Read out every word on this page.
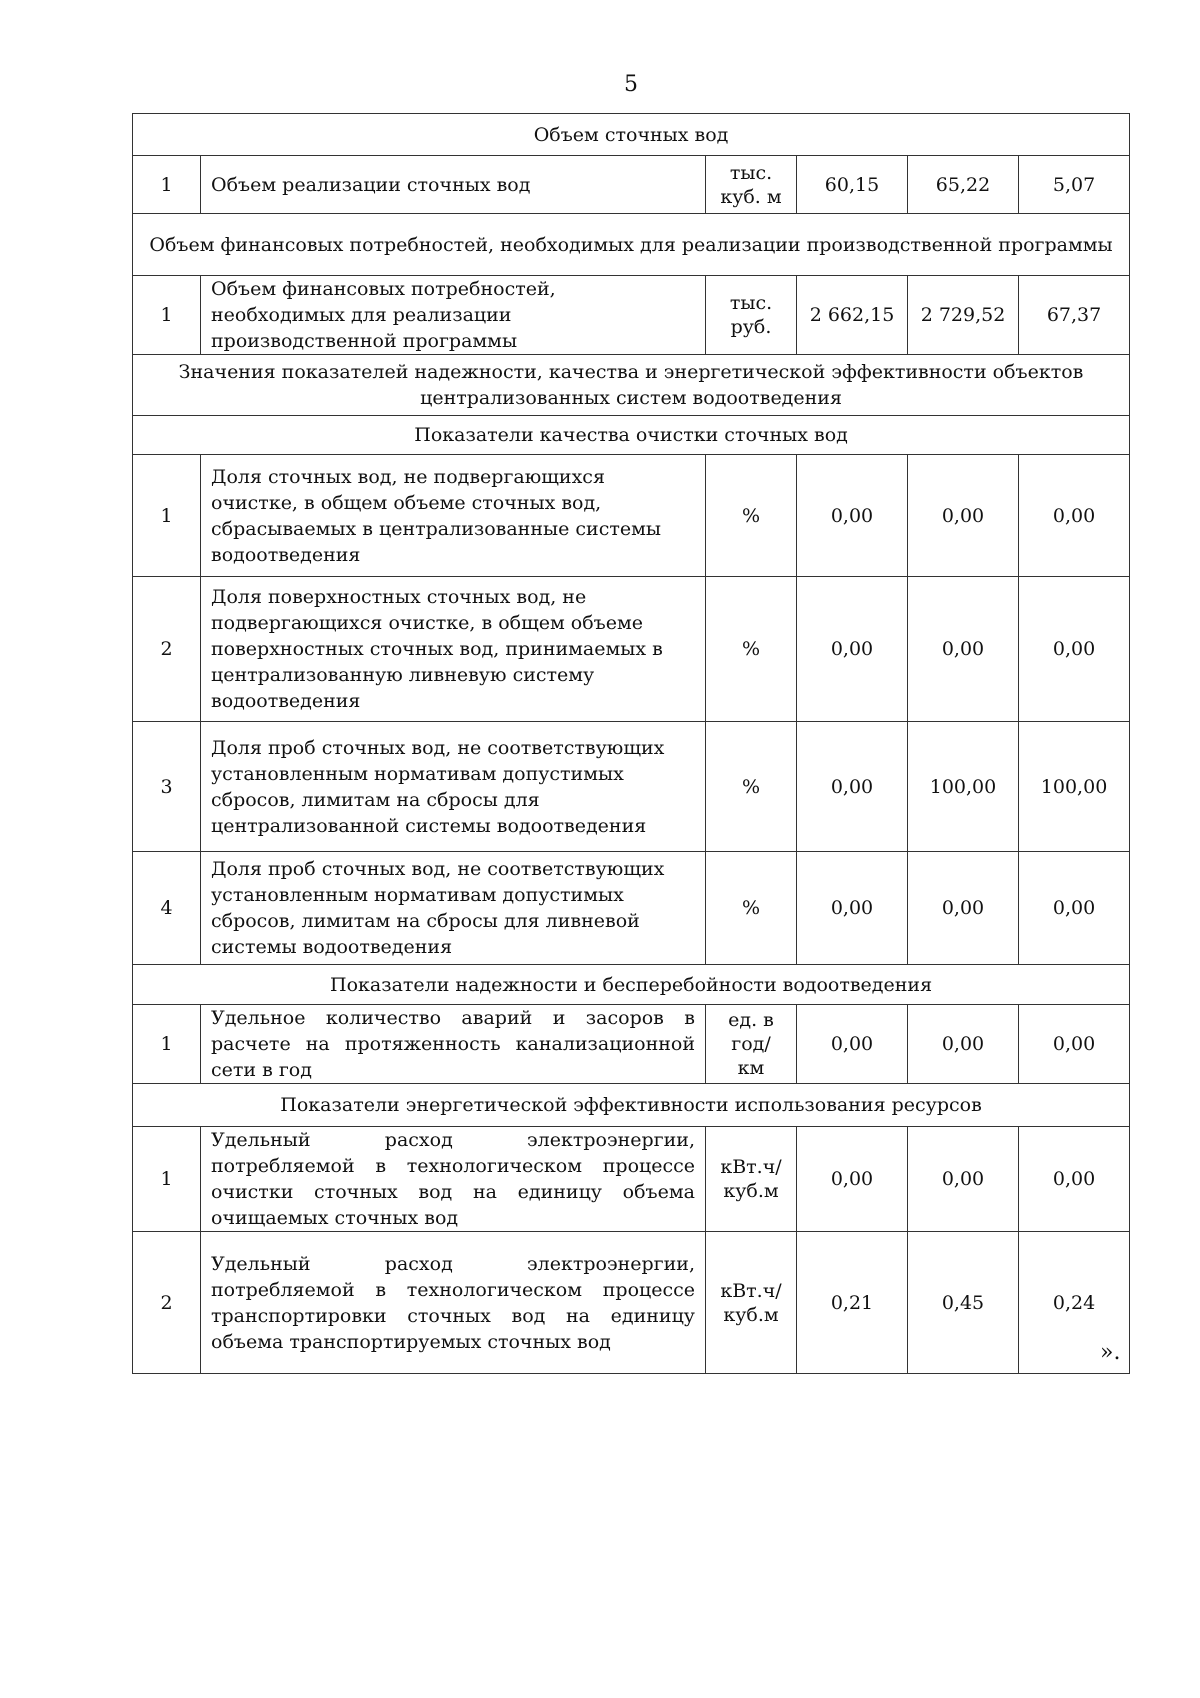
5
Объем сточных вод					
1	Объем реализации сточных вод	тыс. куб. м	60,15	65,22	5,07
Объем финансовых потребностей, необходимых для реализации производственной программы					
1	Объем финансовых потребностей, необходимых для реализации производственной программы	тыс. руб.	2 662,15	2 729,52	67,37
Значения показателей надежности, качества и энергетической эффективности объектов централизованных систем водоотведения					
Показатели качества очистки сточных вод					
1	Доля сточных вод, не подвергающихся очистке, в общем объеме сточных вод, сбрасываемых в централизованные системы водоотведения	%	0,00	0,00	0,00
2	Доля поверхностных сточных вод, не подвергающихся очистке, в общем объеме поверхностных сточных вод, принимаемых в централизованную ливневую систему водоотведения	%	0,00	0,00	0,00
3	Доля проб сточных вод, не соответствующих установленным нормативам допустимых сбросов, лимитам на сбросы для централизованной системы водоотведения	%	0,00	100,00	100,00
4	Доля проб сточных вод, не соответствующих установленным нормативам допустимых сбросов, лимитам на сбросы для ливневой системы водоотведения	%	0,00	0,00	0,00
Показатели надежности и бесперебойности водоотведения					
1	Удельное количество аварий и засоров в расчете на протяженность канализационной сети в год	ед. в год/ км	0,00	0,00	0,00
Показатели энергетической эффективности использования ресурсов					
1	Удельный расход электроэнергии, потребляемой в технологическом процессе очистки сточных вод на единицу объема очищаемых сточных вод	кВт.ч/ куб.м	0,00	0,00	0,00
2	Удельный расход электроэнергии, потребляемой в технологическом процессе транспортировки сточных вод на единицу объема транспортируемых сточных вод	кВт.ч/ куб.м	0,21	0,45	0,24
».
